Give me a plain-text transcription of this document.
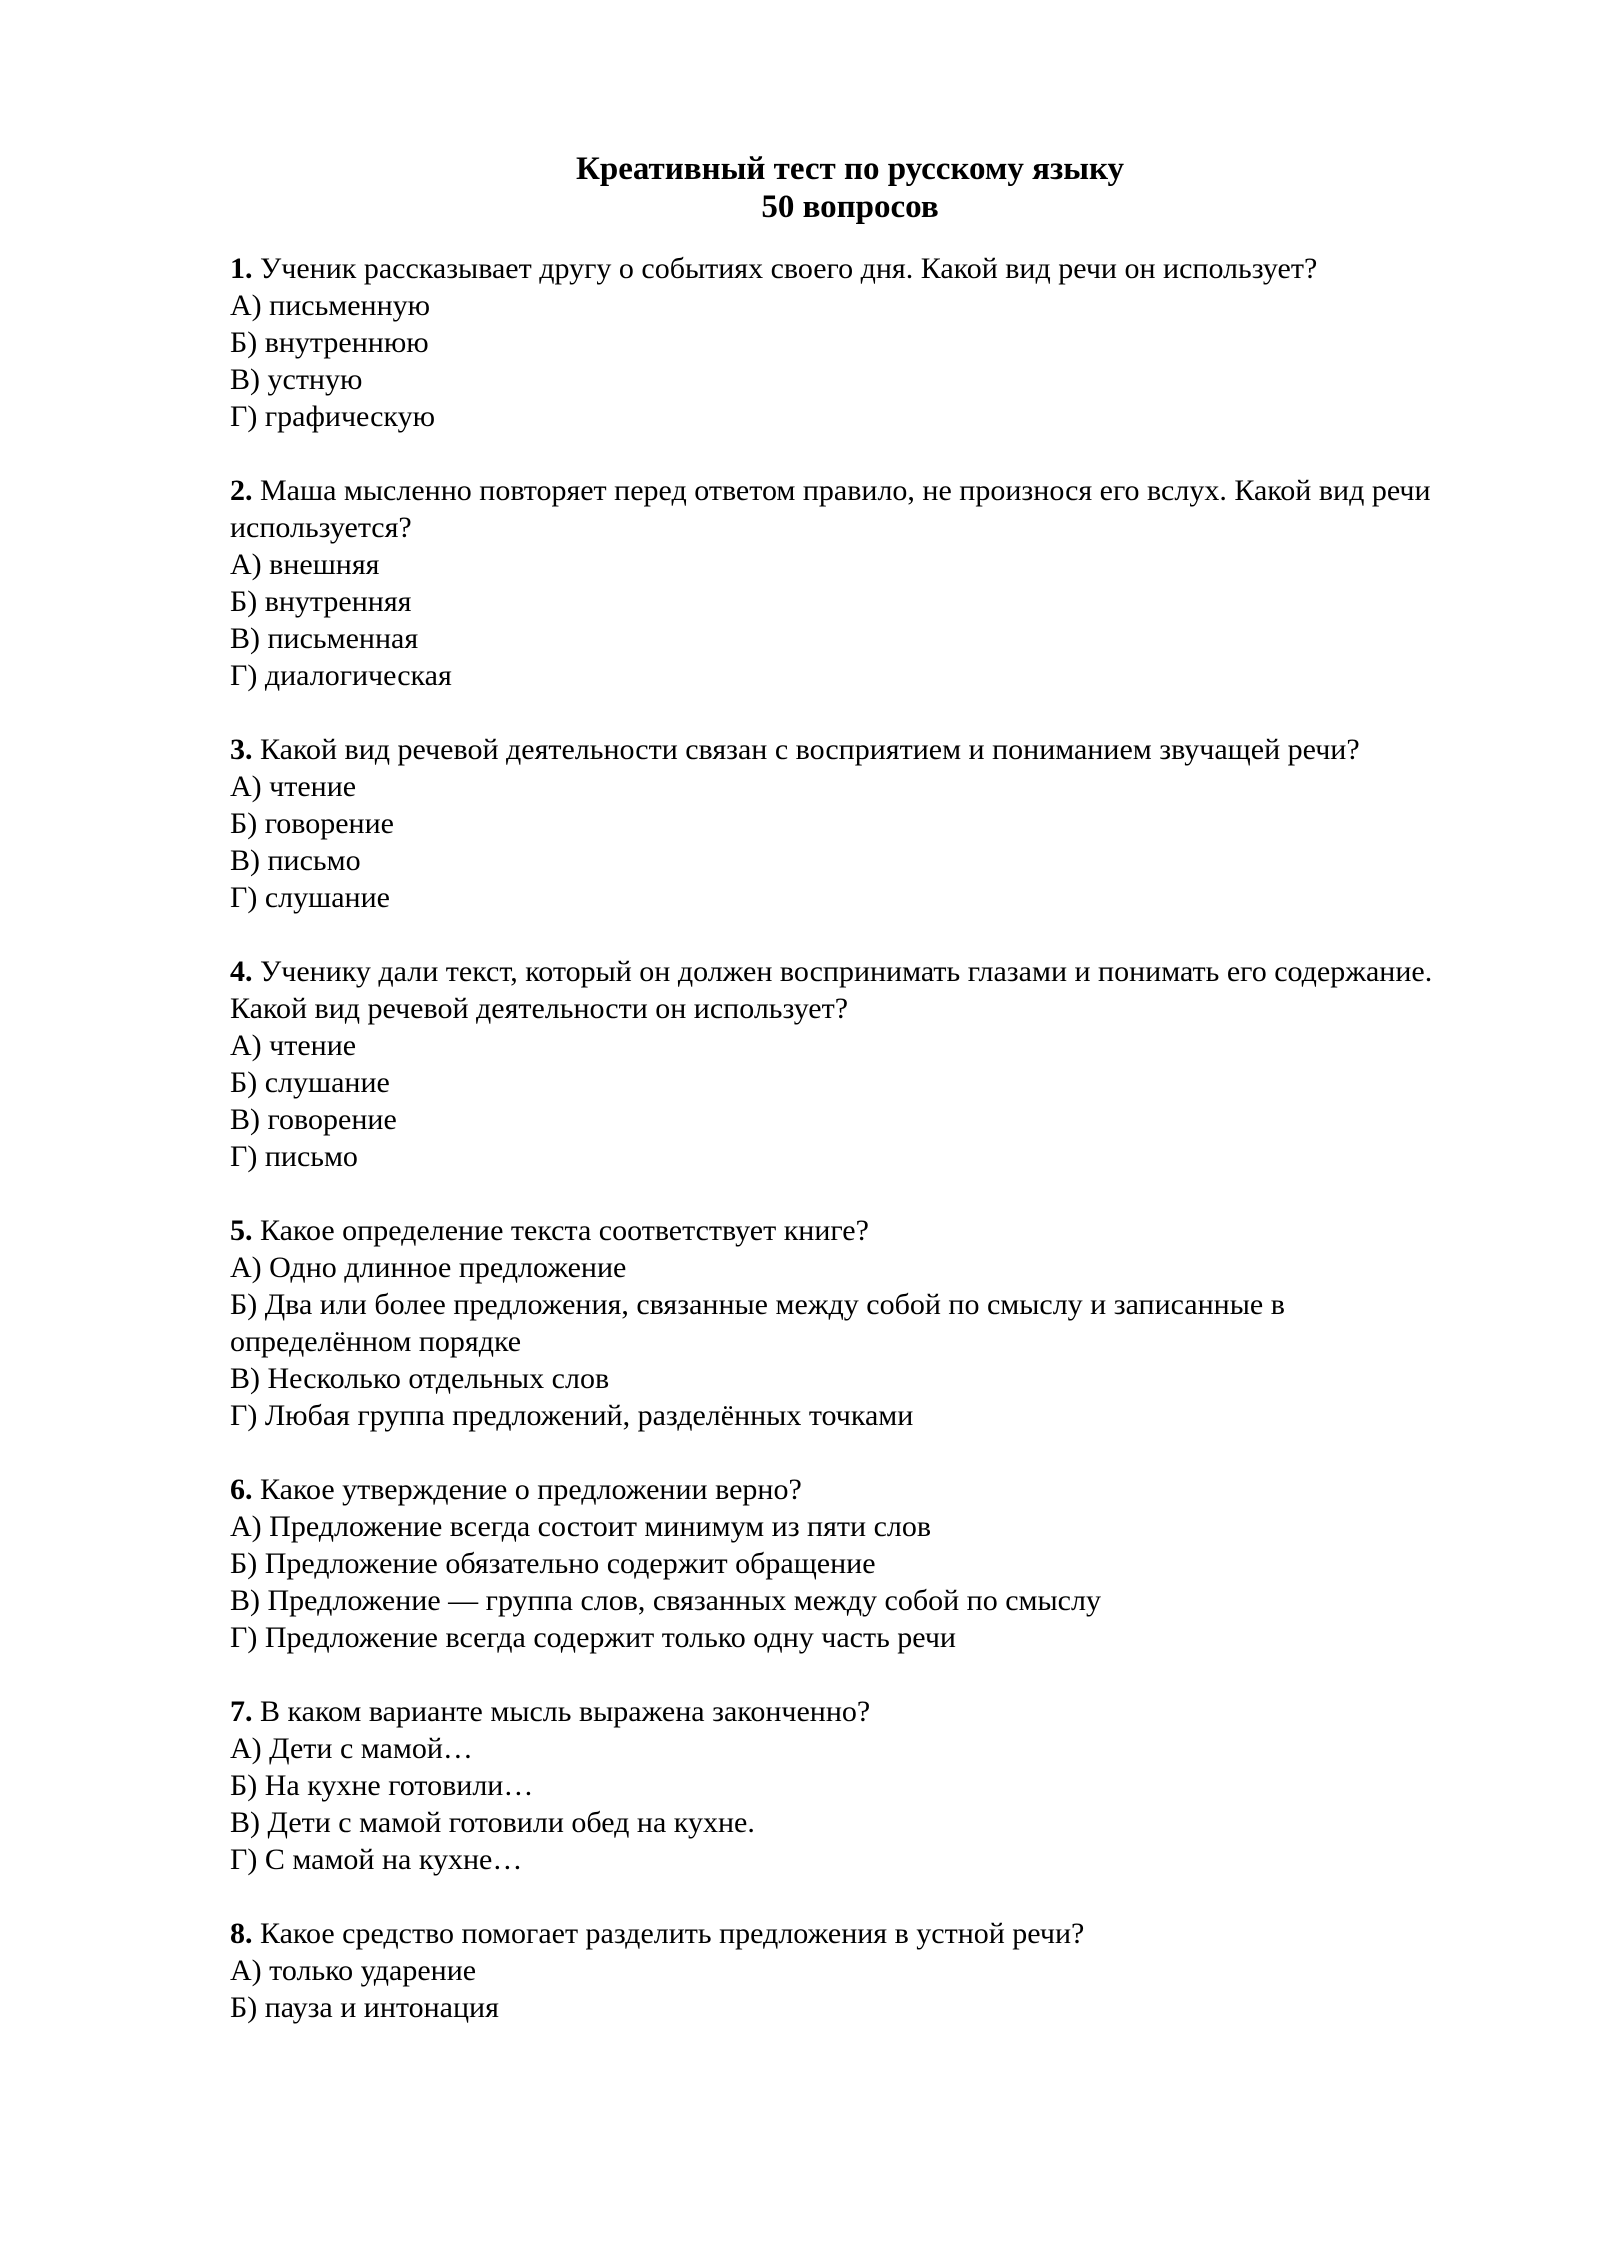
Креативный тест по русскому языку
50 вопросов
1. Ученик рассказывает другу о событиях своего дня. Какой вид речи он использует?
А) письменную
Б) внутреннюю
В) устную
Г) графическую
2. Маша мысленно повторяет перед ответом правило, не произнося его вслух. Какой вид речи используется?
А) внешняя
Б) внутренняя
В) письменная
Г) диалогическая
3. Какой вид речевой деятельности связан с восприятием и пониманием звучащей речи?
А) чтение
Б) говорение
В) письмо
Г) слушание
4. Ученику дали текст, который он должен воспринимать глазами и понимать его содержание. Какой вид речевой деятельности он использует?
А) чтение
Б) слушание
В) говорение
Г) письмо
5. Какое определение текста соответствует книге?
А) Одно длинное предложение
Б) Два или более предложения, связанные между собой по смыслу и записанные в определённом порядке
В) Несколько отдельных слов
Г) Любая группа предложений, разделённых точками
6. Какое утверждение о предложении верно?
А) Предложение всегда состоит минимум из пяти слов
Б) Предложение обязательно содержит обращение
В) Предложение — группа слов, связанных между собой по смыслу
Г) Предложение всегда содержит только одну часть речи
7. В каком варианте мысль выражена законченно?
А) Дети с мамой…
Б) На кухне готовили…
В) Дети с мамой готовили обед на кухне.
Г) С мамой на кухне…
8. Какое средство помогает разделить предложения в устной речи?
А) только ударение
Б) пауза и интонация
